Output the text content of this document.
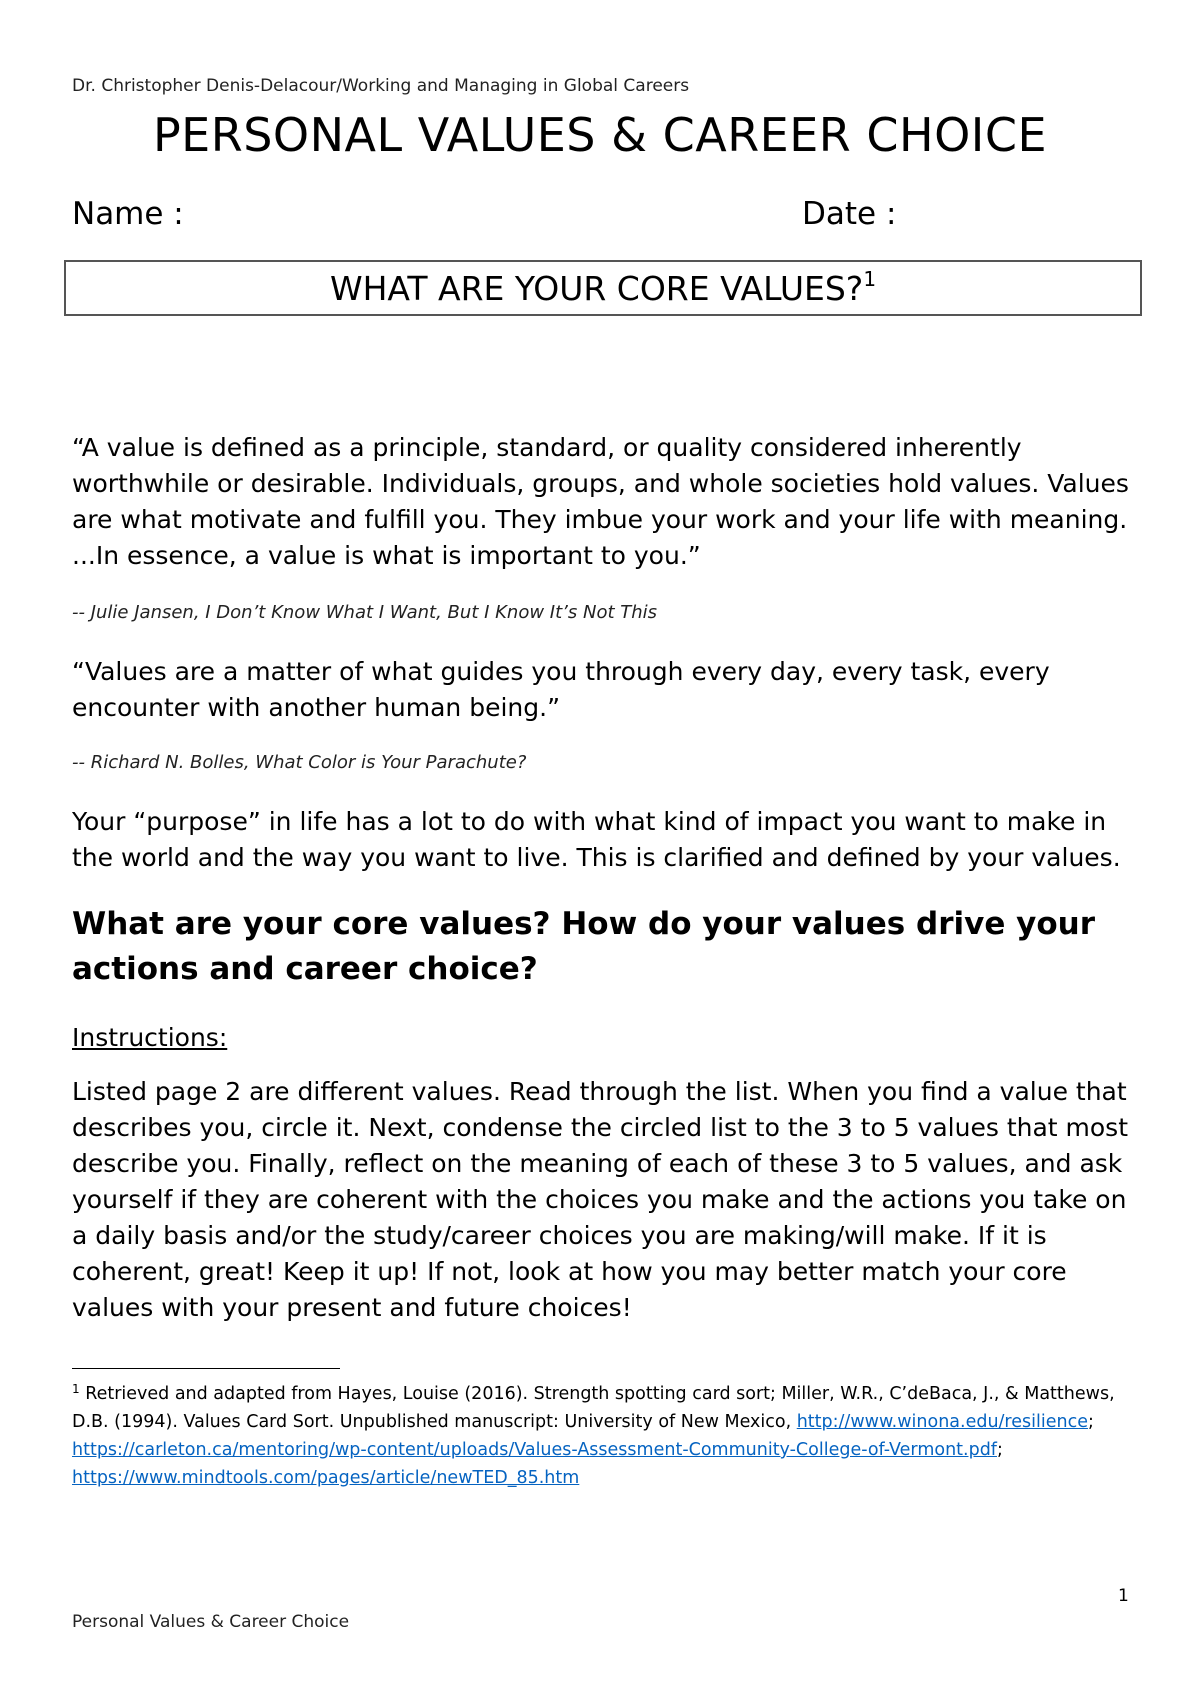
Dr. Christopher Denis-Delacour/Working and Managing in Global Careers
PERSONAL VALUES & CAREER CHOICE
Name :	Date :
WHAT ARE YOUR CORE VALUES?$^1$
“A value is defined as a principle, standard, or quality considered inherently worthwhile or desirable. Individuals, groups, and whole societies hold values. Values are what motivate and fulfill you. They imbue your work and your life with meaning. ...In essence, a value is what is important to you.”
-- Julie Jansen, I Don’t Know What I Want, But I Know It’s Not This
“Values are a matter of what guides you through every day, every task, every encounter with another human being.”
-- Richard N. Bolles, What Color is Your Parachute?
Your “purpose” in life has a lot to do with what kind of impact you want to make in the world and the way you want to live. This is clarified and defined by your values.
What are your core values? How do your values drive your actions and career choice?
Instructions:
Listed page 2 are different values. Read through the list. When you find a value that describes you, circle it. Next, condense the circled list to the 3 to 5 values that most describe you. Finally, reflect on the meaning of each of these 3 to 5 values, and ask yourself if they are coherent with the choices you make and the actions you take on a daily basis and/or the study/career choices you are making/will make. If it is coherent, great! Keep it up! If not, look at how you may better match your core values with your present and future choices!
$^1$ Retrieved and adapted from Hayes, Louise (2016). Strength spotting card sort; Miller, W.R., C’deBaca, J., & Matthews, D.B. (1994). Values Card Sort. Unpublished manuscript: University of New Mexico, http://www.winona.edu/resilience; https://carleton.ca/mentoring/wp-content/uploads/Values-Assessment-Community-College-of-Vermont.pdf; https://www.mindtools.com/pages/article/newTED_85.htm
1
Personal Values & Career Choice
